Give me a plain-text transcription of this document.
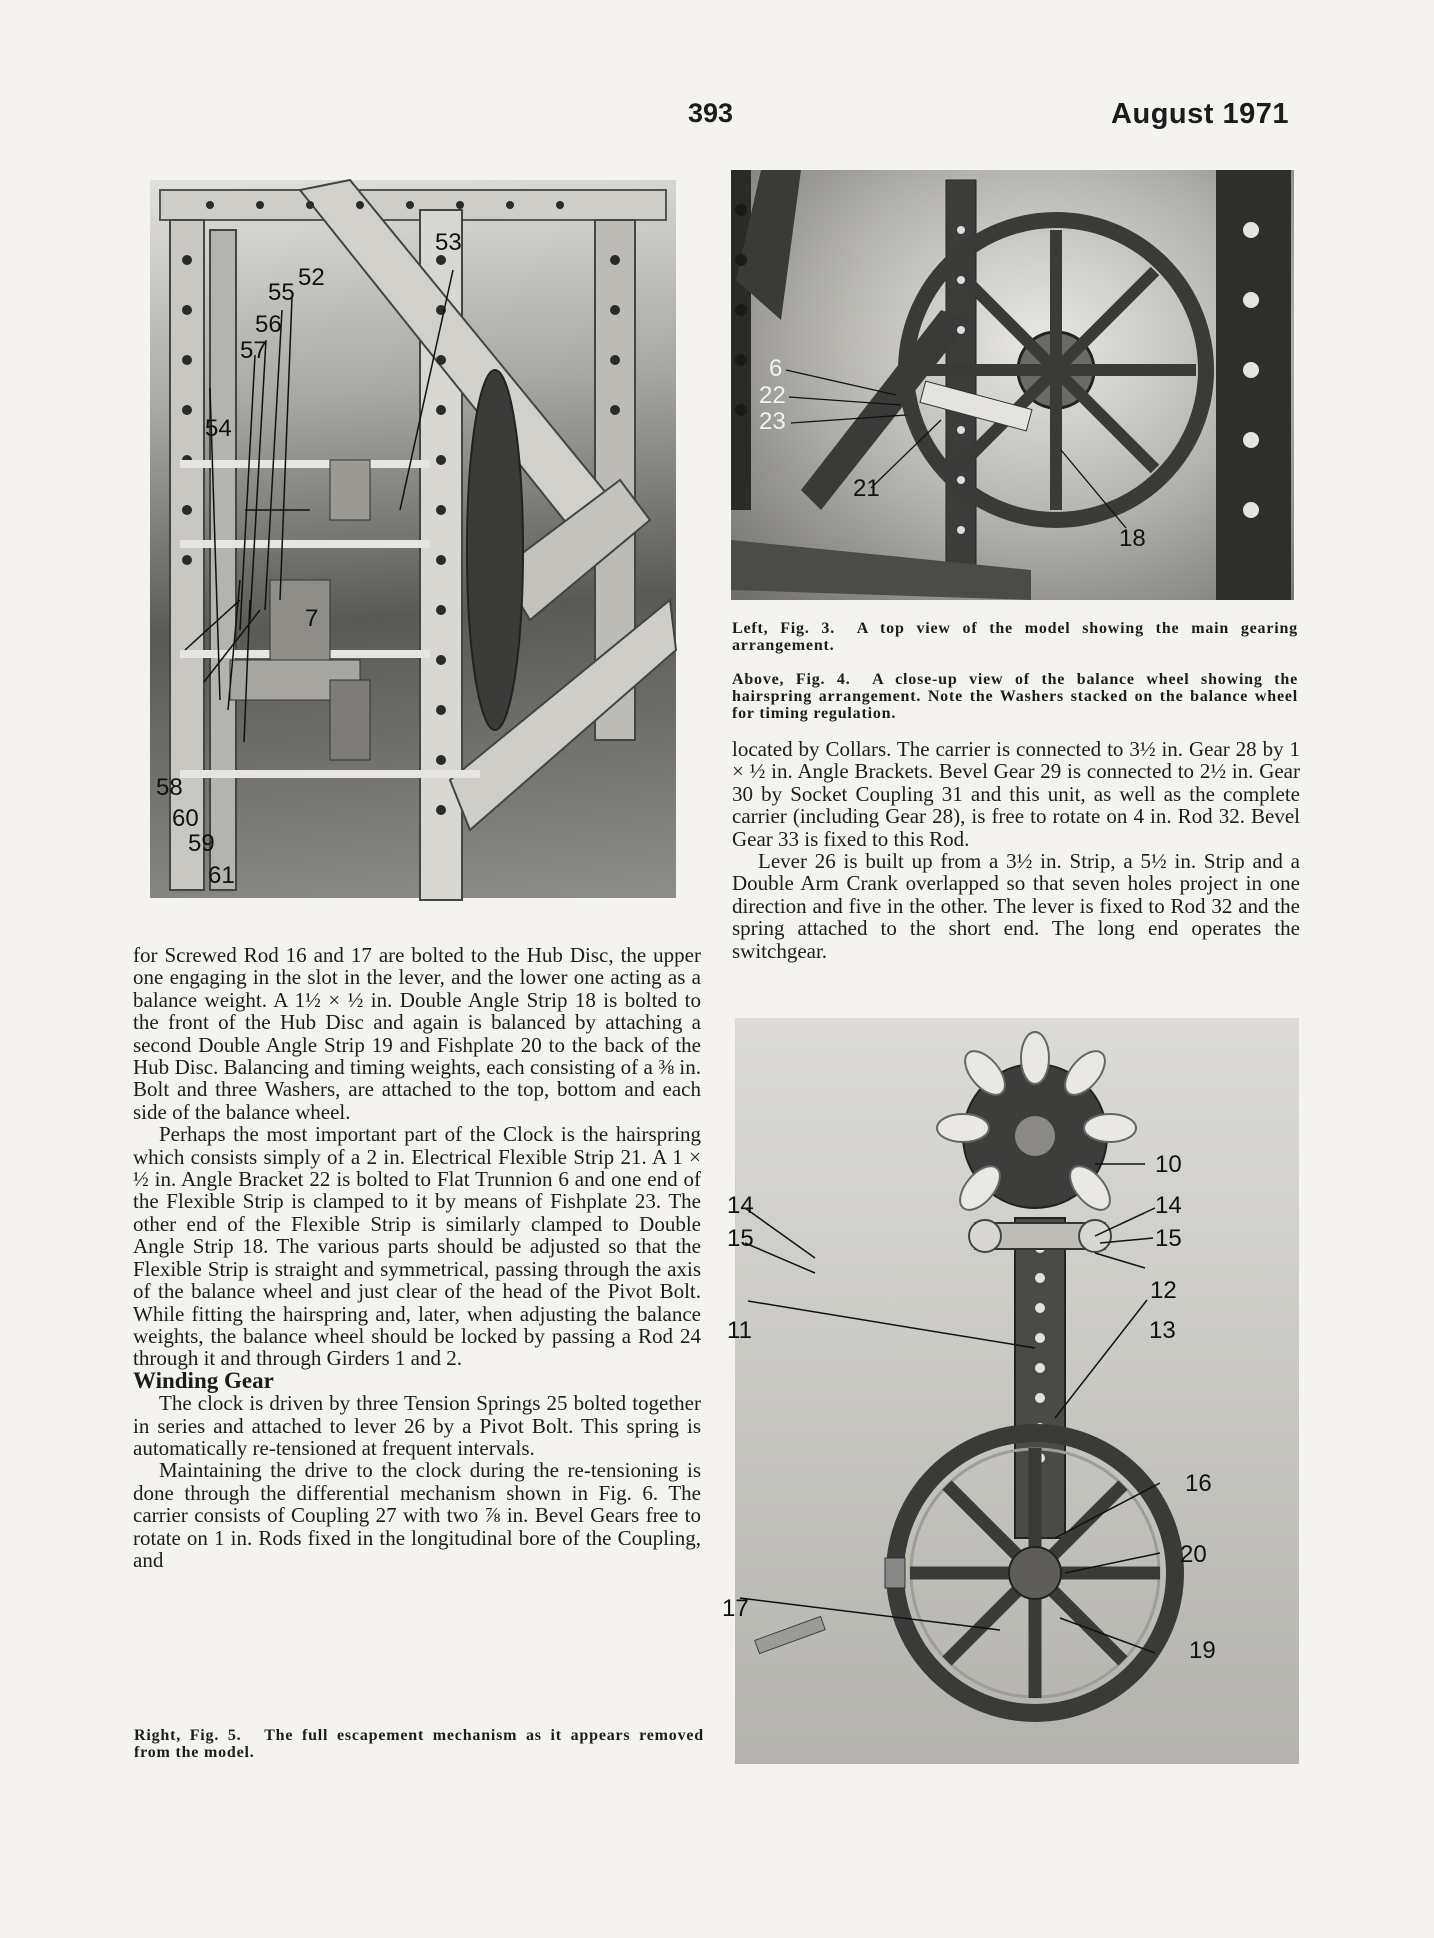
393	August 1971
53
52
55
56
57
54
7
58
60
59
61
6
22
23
21
18
Left, Fig. 3. A top view of the model showing the main gearing arrangement.
Above, Fig. 4. A close-up view of the balance wheel showing the hairspring arrangement. Note the Washers stacked on the balance wheel for timing regulation.

located by Collars. The carrier is connected to 3½ in. Gear 28 by 1 × ½ in. Angle Brackets. Bevel Gear 29 is connected to 2½ in. Gear 30 by Socket Coupling 31 and this unit, as well as the complete carrier (including Gear 28), is free to rotate on 4 in. Rod 32. Bevel Gear 33 is fixed to this Rod.

Lever 26 is built up from a 3½ in. Strip, a 5½ in. Strip and a Double Arm Crank overlapped so that seven holes project in one direction and five in the other. The lever is fixed to Rod 32 and the spring attached to the short end. The long end operates the switchgear.

for Screwed Rod 16 and 17 are bolted to the Hub Disc, the upper one engaging in the slot in the lever, and the lower one acting as a balance weight. A 1½ × ½ in. Double Angle Strip 18 is bolted to the front of the Hub Disc and again is balanced by attaching a second Double Angle Strip 19 and Fishplate 20 to the back of the Hub Disc. Balancing and timing weights, each consisting of a ⅜ in. Bolt and three Washers, are attached to the top, bottom and each side of the balance wheel.

Perhaps the most important part of the Clock is the hairspring which consists simply of a 2 in. Electrical Flexible Strip 21. A 1 × ½ in. Angle Bracket 22 is bolted to Flat Trunnion 6 and one end of the Flexible Strip is clamped to it by means of Fishplate 23. The other end of the Flexible Strip is similarly clamped to Double Angle Strip 18. The various parts should be adjusted so that the Flexible Strip is straight and symmetrical, passing through the axis of the balance wheel and just clear of the head of the Pivot Bolt. While fitting the hairspring and, later, when adjusting the balance weights, the balance wheel should be locked by passing a Rod 24 through it and through Girders 1 and 2.

Winding Gear

The clock is driven by three Tension Springs 25 bolted together in series and attached to lever 26 by a Pivot Bolt. This spring is automatically re-tensioned at frequent intervals.

Maintaining the drive to the clock during the re-tensioning is done through the differential mechanism shown in Fig. 6. The carrier consists of Coupling 27 with two ⅞ in. Bevel Gears free to rotate on 1 in. Rods fixed in the longitudinal bore of the Coupling, and

10
14	14
15	15
12
11	13
16
20
17
19
Right, Fig. 5. The full escapement mechanism as it appears removed from the model.
